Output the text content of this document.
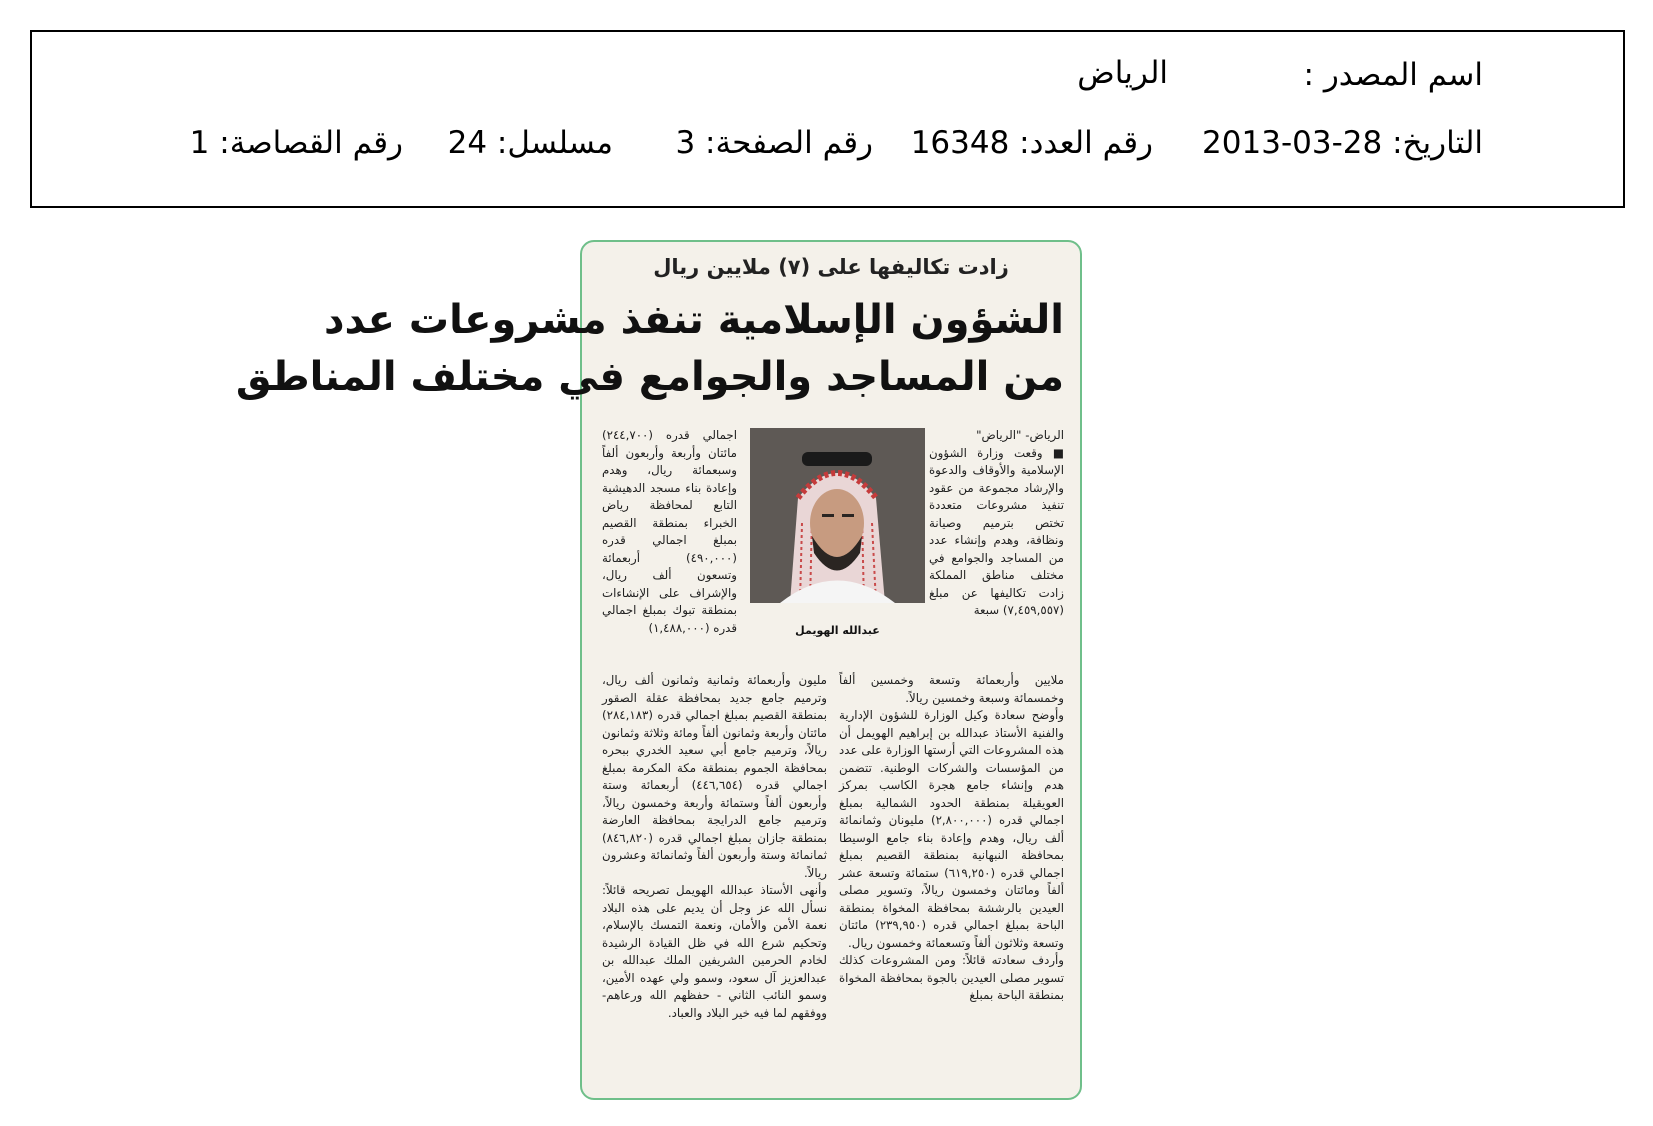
اسم المصدر :
الرياض
التاريخ: 28-03-2013
رقم العدد: 16348
رقم الصفحة: 3
مسلسل: 24
رقم القصاصة: 1
زادت تكاليفها على (٧) ملايين ريال
الشؤون الإسلامية تنفذ مشروعات عدد
من المساجد والجوامع في مختلف المناطق
الرياض- "الرياض"
■ وقعت وزارة الشؤون الإسلامية والأوقاف والدعوة والإرشاد مجموعة من عقود تنفيذ مشروعات متعددة تختص بترميم وصيانة ونظافة، وهدم وإنشاء عدد من المساجد والجوامع في مختلف مناطق المملكة زادت تكاليفها عن مبلغ (٧,٤٥٩,٥٥٧) سبعة
اجمالي قدره (٢٤٤,٧٠٠) مائتان وأربعة وأربعون ألفاً وسبعمائة ريال، وهدم وإعادة بناء مسجد الدهيشية التابع لمحافظة رياض الخبراء بمنطقة القصيم بمبلغ اجمالي قدره (٤٩٠,٠٠٠) أربعمائة وتسعون ألف ريال، والإشراف على الإنشاءات بمنطقة تبوك بمبلغ اجمالي قدره (١,٤٨٨,٠٠٠)	عبدالله الهويمل
ملايين وأربعمائة وتسعة وخمسين ألفاً وخمسمائة وسبعة وخمسين ريالاً.
وأوضح سعادة وكيل الوزارة للشؤون الإدارية والفنية الأستاذ عبدالله بن إبراهيم الهويمل أن هذه المشروعات التي أرستها الوزارة على عدد من المؤسسات والشركات الوطنية. تتضمن هدم وإنشاء جامع هجرة الكاسب بمركز العويقيلة بمنطقة الحدود الشمالية بمبلغ اجمالي قدره (٢,٨٠٠,٠٠٠) مليونان وثمانمائة ألف ريال، وهدم وإعادة بناء جامع الوسيطا بمحافظة النبهانية بمنطقة القصيم بمبلغ اجمالي قدره (٦١٩,٢٥٠) ستمائة وتسعة عشر ألفاً ومائتان وخمسون ريالاً، وتسوير مصلى العيدين بالرششة بمحافظة المخواة بمنطقة الباحة بمبلغ اجمالي قدره (٢٣٩,٩٥٠) مائتان وتسعة وثلاثون ألفاً وتسعمائة وخمسون ريال.
وأردف سعادته قائلاً: ومن المشروعات كذلك تسوير مصلى العيدين بالجوة بمحافظة المخواة بمنطقة الباحة بمبلغ
مليون وأربعمائة وثمانية وثمانون ألف ريال، وترميم جامع جديد بمحافظة عقلة الصقور بمنطقة القصيم بمبلغ اجمالي قدره (٢٨٤,١٨٣) مائتان وأربعة وثمانون ألفاً ومائة وثلاثة وثمانون ريالاً، وترميم جامع أبي سعيد الخدري ببحره بمحافظة الجموم بمنطقة مكة المكرمة بمبلغ اجمالي قدره (٤٤٦,٦٥٤) أربعمائة وستة وأربعون ألفاً وستمائة وأربعة وخمسون ريالاً، وترميم جامع الدرايجة بمحافظة العارضة بمنطقة جازان بمبلغ اجمالي قدره (٨٤٦,٨٢٠) ثمانمائة وستة وأربعون ألفاً وثمانمائة وعشرون ريالاً.
وأنهى الأستاذ عبدالله الهويمل تصريحه قائلاً: نسأل الله عز وجل أن يديم على هذه البلاد نعمة الأمن والأمان، ونعمة التمسك بالإسلام، وتحكيم شرع الله في ظل القيادة الرشيدة لخادم الحرمين الشريفين الملك عبدالله بن عبدالعزيز آل سعود، وسمو ولي عهده الأمين، وسمو النائب الثاني - حفظهم الله ورعاهم- ووفقهم لما فيه خير البلاد والعباد.
